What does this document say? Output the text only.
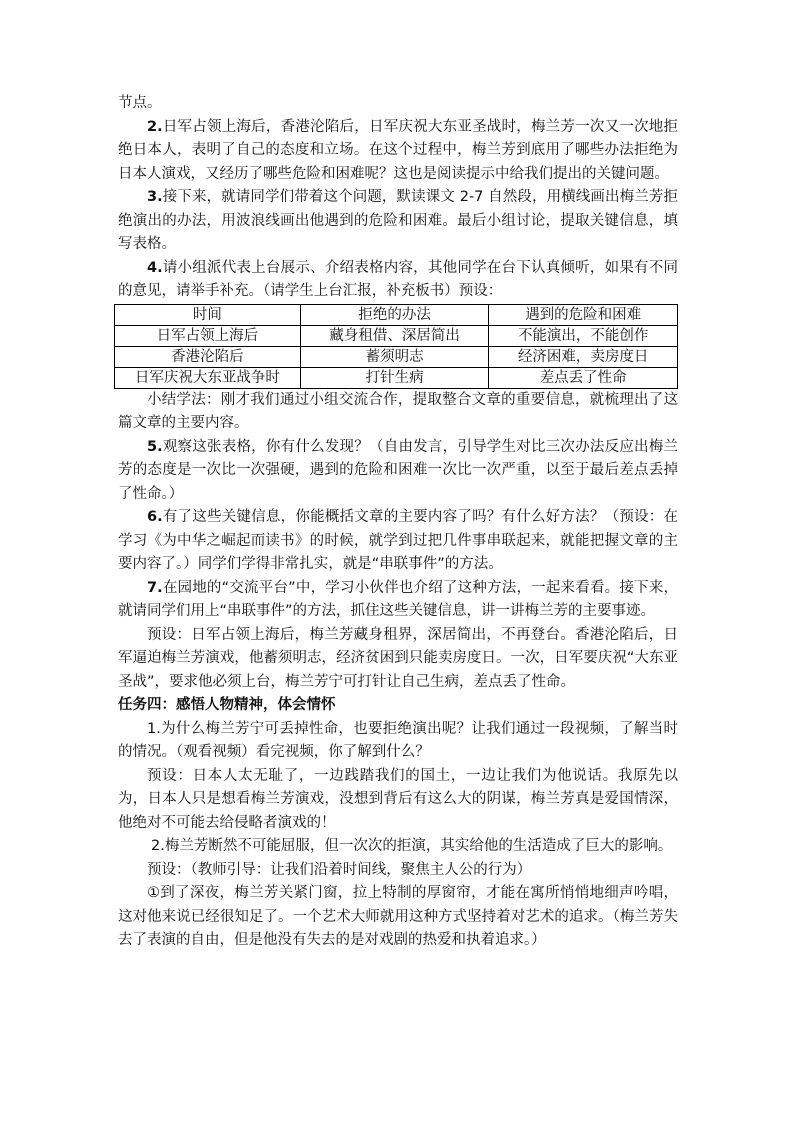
节点。

2.日军占领上海后，香港沦陷后，日军庆祝大东亚圣战时，梅兰芳一次又一次地拒绝日本人，表明了自己的态度和立场。在这个过程中，梅兰芳到底用了哪些办法拒绝为日本人演戏，又经历了哪些危险和困难呢？这也是阅读提示中给我们提出的关键问题。

3.接下来，就请同学们带着这个问题，默读课文 2-7 自然段，用横线画出梅兰芳拒绝演出的办法，用波浪线画出他遇到的危险和困难。最后小组讨论，提取关键信息，填写表格。

4.请小组派代表上台展示、介绍表格内容，其他同学在台下认真倾听，如果有不同的意见，请举手补充。（请学生上台汇报，补充板书）预设：

时间	拒绝的办法	遇到的危险和困难
日军占领上海后	藏身租借、深居简出	不能演出，不能创作
香港沦陷后	蓄须明志	经济困难，卖房度日
日军庆祝大东亚战争时	打针生病	差点丢了性命

小结学法：刚才我们通过小组交流合作，提取整合文章的重要信息，就梳理出了这篇文章的主要内容。

5.观察这张表格，你有什么发现？（自由发言，引导学生对比三次办法反应出梅兰芳的态度是一次比一次强硬，遇到的危险和困难一次比一次严重，以至于最后差点丢掉了性命。）

6.有了这些关键信息，你能概括文章的主要内容了吗？有什么好方法？（预设：在学习《为中华之崛起而读书》的时候，就学到过把几件事串联起来，就能把握文章的主要内容了。）同学们学得非常扎实，就是“串联事件”的方法。

7.在园地的“交流平台”中，学习小伙伴也介绍了这种方法，一起来看看。接下来，就请同学们用上“串联事件”的方法，抓住这些关键信息，讲一讲梅兰芳的主要事迹。

预设：日军占领上海后，梅兰芳藏身租界，深居简出，不再登台。香港沦陷后，日军逼迫梅兰芳演戏，他蓄须明志，经济贫困到只能卖房度日。一次，日军要庆祝“大东亚圣战”，要求他必须上台，梅兰芳宁可打针让自己生病，差点丢了性命。

任务四：感悟人物精神，体会情怀

1.为什么梅兰芳宁可丢掉性命，也要拒绝演出呢？让我们通过一段视频，了解当时的情况。（观看视频）看完视频，你了解到什么？

预设：日本人太无耻了，一边践踏我们的国土，一边让我们为他说话。我原先以为，日本人只是想看梅兰芳演戏，没想到背后有这么大的阴谋，梅兰芳真是爱国情深，他绝对不可能去给侵略者演戏的！

2.梅兰芳断然不可能屈服，但一次次的拒演，其实给他的生活造成了巨大的影响。

预设：（教师引导：让我们沿着时间线，聚焦主人公的行为）

①到了深夜，梅兰芳关紧门窗，拉上特制的厚窗帘，才能在寓所悄悄地细声吟唱，这对他来说已经很知足了。一个艺术大师就用这种方式坚持着对艺术的追求。（梅兰芳失去了表演的自由，但是他没有失去的是对戏剧的热爱和执着追求。）
